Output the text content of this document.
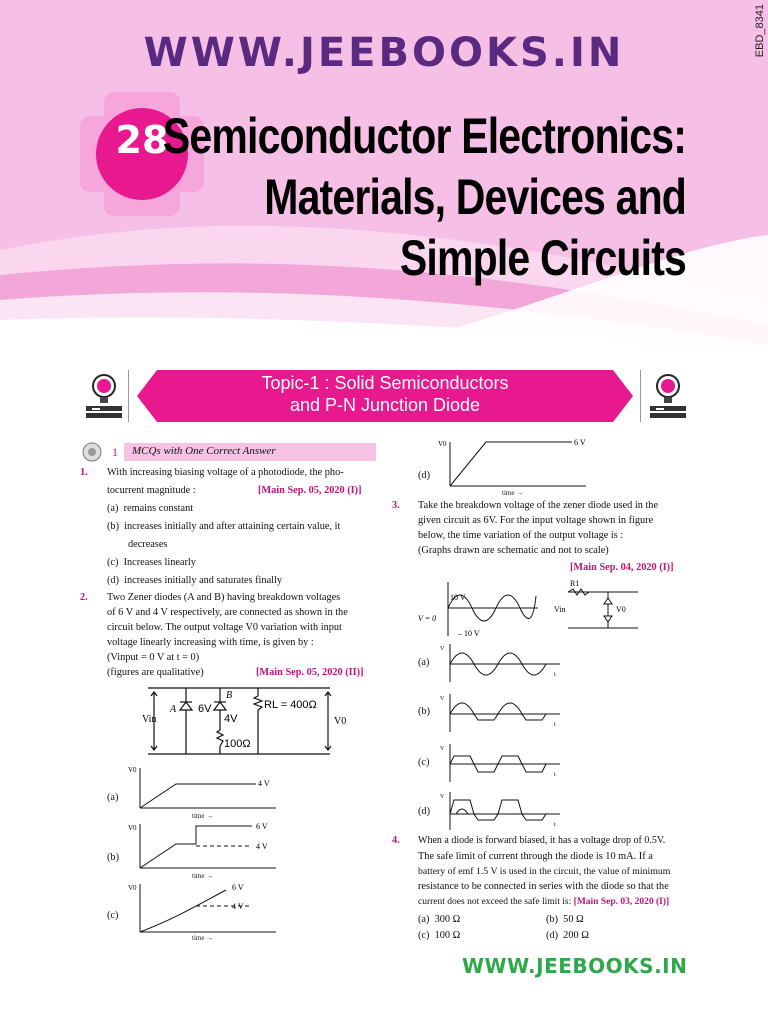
WWW.JEEBOOKS.IN	EBD_8341
28
Semiconductor Electronics:
Materials, Devices and
Simple Circuits
Topic-1 : Solid Semiconductors
and P-N Junction Diode
1 MCQs with One Correct Answer
1. With increasing biasing voltage of a photodiode, the pho-
tocurrent magnitude :	[Main Sep. 05, 2020 (I)]
(a) remains constant
(b) increases initially and after attaining certain value, it
decreases
(c) Increases linearly
(d) increases initially and saturates finally
2. Two Zener diodes (A and B) having breakdown voltages
of 6 V and 4 V respectively, are connected as shown in the
circuit below. The output voltage V0 variation with input
voltage linearly increasing with time, is given by :
(Vinput = 0 V at t = 0)
(figures are qualitative)	[Main Sep. 05, 2020 (II)]
Vin
A 6V
B
4V
100Ω
RL = 400Ω
V0
(a)
V0
4 V
time →
(b)
V0	6 V
4 V
time →
(c)
V0	6 V
4 V
time →
(d)
V0	6 V
time →
3. Take the breakdown voltage of the zener diode used in the
given circuit as 6V. For the input voltage shown in figure
below, the time variation of the output voltage is :
(Graphs drawn are schematic and not to scale)
[Main Sep. 04, 2020 (I)]
10 V
– 10 V
V = 0
R1
Vin	V0
(a)
V
t
(b)
V
t
(c)
V
t
(d)
V
t
4. When a diode is forward biased, it has a voltage drop of 0.5V.
The safe limit of current through the diode is 10 mA. If a
battery of emf 1.5 V is used in the circuit, the value of minimum
resistance to be connected in series with the diode so that the
current does not exceed the safe limit is: [Main Sep. 03, 2020 (I)]
(a) 300 Ω	(b) 50 Ω
(c) 100 Ω	(d) 200 Ω
WWW.JEEBOOKS.IN
